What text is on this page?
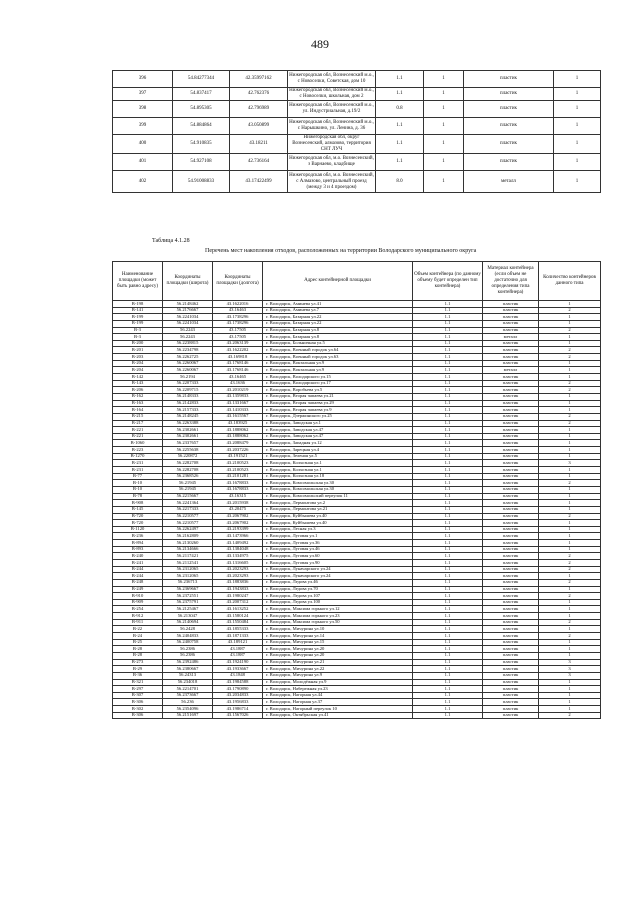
489
396	54.84277344	42.35997162	Нижегородская обл, Вознесенский м.о., с Новоселки, Советская, дом 10	1.1	1	пластик	1
397	54.837417	42.762376	Нижегородская обл, Вознесенский м.о., с Новоселки, школьная, дом 2	1.1	1	пластик	1
398	54.895305	42.796989	Нижегородская обл, Вознесенский м.о., ул. Индустриальная, д.19/2	0.8	1	пластик	1
399	54.884864	43.050899	Нижегородская обл, Вознесенский м.о., с Нарышкино, ул. Ленина, д. 36	1.1	1	пластик	1
400	54.910835	43.18211	Нижегородская обл, округ Вознесенский, алмазово, территория СНТ ЛУЧ	1.1	1	пластик	1
401	54.927108	42.736164	Нижегородская обл, м.о. Вознесенский, з Варнаево, кладбище	1.1	1	пластик	1
402	54.91008833	43.17422499	Нижегородская обл, м.о. Вознесенский, с Алмазово, центральный проезд (между 3 и 4 проездом)	8.0	1	металл	1
Таблица 4.1.28
Перечень мест накопления отходов, расположенных на территории Володарского муниципального округа
Наименование площадки (может быть равно адресу)	Координаты площадки (широта)	Координаты площадки (долгота)	Адрес контейнерной площадки	Объем контейнера (по данному объему будет определен тип контейнера)	Материал контейнера (если объем не достаточно для определения типа контейнера)	Количество контейнеров данного типа
В-198	56.2148462	43.1622016	г. Володарск, Аминева ул.41	1.1	пластик	1
В-141	56.2176667	43.16463	г. Володарск, Аминева ул.7	1.1	пластик	2
В-199	56.2241034	43.1738296	г. Володарск, Базарная ул.22	1.1	пластик	1
В-199	56.2241034	43.1738296	г. Володарск, Базарная ул.22	1.1	пластик	1
В-3	56.2243	43.17505	г. Володарск, Базарная ул.8	1.1	пластик	2
В-3	56.2243	43.17505	г. Володарск, Базарная ул.8	1.1	металл	1
В-200	56.2238815	43.2063139	г. Володарск, Больничная ул.5	1.1	пластик	1
В-201	56.2234798	43.1622202	г. Володарск, Военный городок ул.64	1.1	пластик	2
В-203	56.2262725	43.169818	г. Володарск, Военный городок ул.63	1.1	пластик	2
В-204	56.2260067	43.1768146	г. Володарск, Вокзальная ул.9	1.1	пластик	1
В-204	56.2260067	43.1768146	г. Володарск, Вокзальная ул.9	1.1	металл	1
В-142	56.2194	43.16465	г. Володарск, Володарского ул.15	1.1	пластик	1
В-143	56.2207333	43.1636	г. Володарск, Володарского ул.17	1.1	пластик	2
В-206	56.2209715	43.2010219	г. Володарск, Воробьева ул.5	1.1	пластик	2
В-162	56.2148333	43.1359833	г. Володарск, Вторая чапаева ул.21	1.1	пластик	1
В-163	56.2142833	43.1331667	г. Володарск, Вторая чапаева ул.29	1.1	пластик	1
В-164	56.2157333	43.1410333	г. Володарск, Вторая чапаева ул.9	1.1	пластик	1
В-215	56.2148245	43.1615567	г. Володарск, Дзержинского ул.25	1.1	пластик	2
В-217	56.2263388	43.183925	г. Володарск, Заводская ул.1	1.1	пластик	2
В-221	56.2302661	43.1888062	г. Володарск, Заводская ул.47	1.1	пластик	1
В-221	56.2302661	43.1888062	г. Володарск, Заводская ул.47	1.1	пластик	1
В-1060	56.2337657	43.2088479	г. Володарск, Западная ул.12	1.1	пластик	1
В-223	56.2255638	43.2037226	г. Володарск, Зарецкая ул.4	1.1	пластик	1
В-1270	56.220872	43.191521	г. Володарск, Зеленая ул.5	1.1	пластик	1
В-231	56.2282708	43.2100523	г. Володарск, Колхозная ул.1	1.1	пластик	3
В-231	56.2282708	43.2100523	г. Володарск, Колхозная ул.1	1.1	пластик	1
В-77	56.2368526	43.2101281	г. Володарск, Колхозная ул.18	1.1	пластик	1
В-10	56.21945	43.1678833	г. Володарск, Комсомольская ул.30	1.1	пластик	2
В-10	56.21945	43.1678833	г. Володарск, Комсомольская ул.30	1.1	пластик	1
В-78	56.2215667	43.16315	г. Володарск, Комсомольский переулок 11	1.1	пластик	1
В-908	56.2241364	43.2015938	г. Володарск, Лермонтова ул.2	1.1	пластик	1
В-145	56.2217333	43.20475	г. Володарск, Лермонтова ул.21	1.1	пластик	1
В-720	56.2210577	43.2067902	г. Володарск, Куйбышева ул.40	1.1	пластик	2
В-720	56.2210577	43.2067902	г. Володарск, Куйбышева ул.40	1.1	пластик	1
В-1120	56.2262497	43.2193399	г. Володарск, Лесная ул.3	1.1	пластик	1
В-236	56.2162809	43.1473966	г. Володарск, Луговая ул.1	1.1	пластик	1
В-894	56.2130260	43.1409492	г. Володарск, Луговая ул.36	1.1	пластик	1
В-893	56.2134666	43.1384048	г. Володарск, Луговая ул.46	1.1	пластик	1
В-240	56.2117421	43.1334975	г. Володарск, Луговая ул.60	1.1	пластик	2
В-241	56.2112541	43.1316605	г. Володарск, Луговая ул.90	1.1	пластик	2
В-244	56.2312065	43.2023293	г. Володарск, Луначарского ул.24	1.1	пластик	2
В-244	56.2312065	43.2023293	г. Володарск, Луначарского ул.24	1.1	пластик	1
В-248	56.236713	43.1883836	г. Володарск, Ледова ул.46	1.1	пластик	2
В-249	56.2369667	43.1943833	г. Володарск, Ледова ул.70	1.1	пластик	1
В-910	56.2372551	43.1980247	г. Володарск, Ледова ул.107	1.1	пластик	2
В-909	56.2375791	43.2007312	г. Володарск, Ледова ул.100	1.1	пластик	1
В-254	56.2125467	43.1613252	г. Володарск, Максима горького ул.12	1.1	пластик	1
В-912	56.213047	43.1580124	г. Володарск, Максима горького ул.23	1.1	пластик	1
В-911	56.2140694	43.1550484	г. Володарск, Максима горького ул.50	1.1	пластик	2
В-22	56.2428	43.1855333	г. Володарск, Мичурина ул.10	1.1	пластик	1
В-24	56.2404833	43.1871333	г. Володарск, Мичурина ул.14	1.1	пластик	2
В-25	56.2400758	43.189121	г. Володарск, Мичурина ул.15	1.1	пластик	1
В-28	56.2386	43.1887	г. Володарск, Мичурина ул.20	1.1	пластик	1
В-28	56.2386	43.1887	г. Володарск, Мичурина ул.20	1.1	пластик	1
В-273	56.2392486	43.1924190	г. Володарск, Мичурина ул.21	1.1	пластик	3
В-29	56.2380667	43.1933667	г. Володарск, Мичурина ул.22	1.1	пластик	3
В-36	56.24313	43.1848	г. Володарск, Мичурина ул.9	1.1	пластик	3
В-321	56.234018	43.1984588	г. Володарск, Молодёжная ул.9	1.1	пластик	1
В-297	56.2214701	43.1790890	г. Володарск, Набережная ул.23	1.1	пластик	1
В-307	56.2373667	43.2034833	г. Володарск, Нагорная ул.44	1.1	пластик	1
В-306	56.236	43.1956833	г. Володарск, Нагорная ул.37	1.1	пластик	1
В-302	56.2354096	43.1986714	г. Володарск, Нагорный переулок 10	1.1	пластик	1
В-306	56.2151697	43.1567026	г. Володарск, Октябрьская ул.41	1.1	пластик	2
